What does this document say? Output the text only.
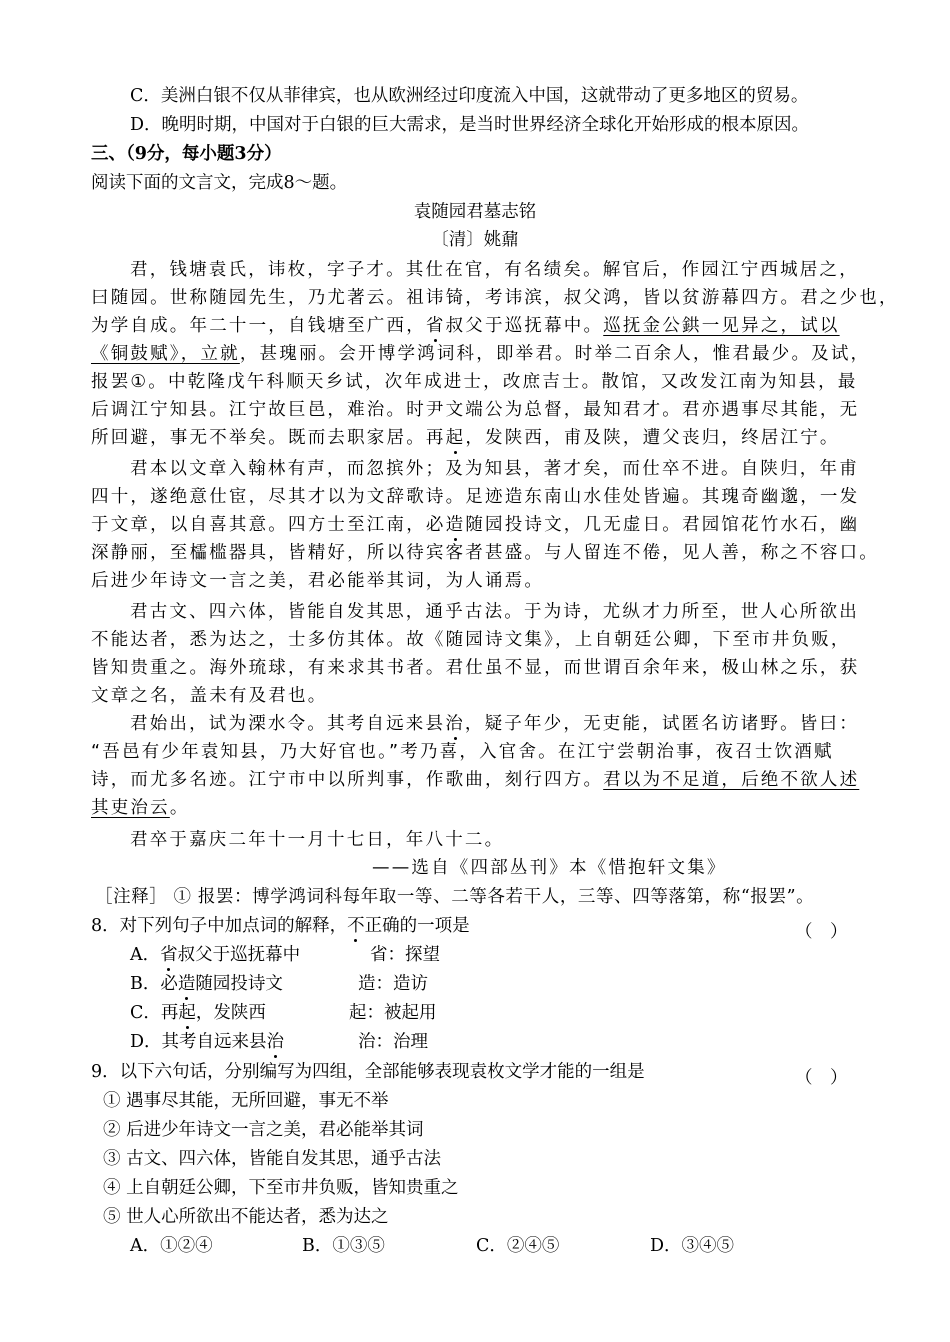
C．美洲白银不仅从菲律宾，也从欧洲经过印度流入中国，这就带动了更多地区的贸易。
D．晚明时期，中国对于白银的巨大需求，是当时世界经济全球化开始形成的根本原因。
三、（9分，每小题3分）
阅读下面的文言文，完成8～题。
袁随园君墓志铭
〔清〕姚鼐
君，钱塘袁氏，讳枚，字子才。其仕在官，有名绩矣。解官后，作园江宁西城居之，
曰随园。世称随园先生，乃尤著云。祖讳锜，考讳滨，叔父鸿，皆以贫游幕四方。君之少也，
为学自成。年二十一，自钱塘至广西，省叔父于巡抚幕中。巡抚金公鉷一见异之，试以
《铜鼓赋》，立就，甚瑰丽。会开博学鸿词科，即举君。时举二百余人，惟君最少。及试，
报罢①。中乾隆戊午科顺天乡试，次年成进士，改庶吉士。散馆，又改发江南为知县，最
后调江宁知县。江宁故巨邑，难治。时尹文端公为总督，最知君才。君亦遇事尽其能，无
所回避，事无不举矣。既而去职家居。再起，发陕西，甫及陕，遭父丧归，终居江宁。
君本以文章入翰林有声，而忽摈外；及为知县，著才矣，而仕卒不进。自陕归，年甫
四十，遂绝意仕宦，尽其才以为文辞歌诗。足迹造东南山水佳处皆遍。其瑰奇幽邈，一发
于文章，以自喜其意。四方士至江南，必造随园投诗文，几无虚日。君园馆花竹水石，幽
深静丽，至櫺槛器具，皆精好，所以待宾客者甚盛。与人留连不倦，见人善，称之不容口。
后进少年诗文一言之美，君必能举其词，为人诵焉。
君古文、四六体，皆能自发其思，通乎古法。于为诗，尤纵才力所至，世人心所欲出
不能达者，悉为达之，士多仿其体。故《随园诗文集》，上自朝廷公卿，下至市井负贩，
皆知贵重之。海外琉球，有来求其书者。君仕虽不显，而世谓百余年来，极山林之乐，获
文章之名，盖未有及君也。
君始出，试为溧水令。其考自远来县治，疑子年少，无吏能，试匿名访诸野。皆曰：
“吾邑有少年袁知县，乃大好官也。”考乃喜，入官舍。在江宁尝朝治事，夜召士饮酒赋
诗，而尤多名迹。江宁市中以所判事，作歌曲，刻行四方。君以为不足道，后绝不欲人述
其吏治云。
君卒于嘉庆二年十一月十七日，年八十二。
——选自《四部丛刊》本《惜抱轩文集》
［注释］ ① 报罢：博学鸿词科每年取一等、二等各若干人，三等、四等落第，称“报罢”。
8．对下列句子中加点词的解释，不正确的一项是	（　）
A．省叔父于巡抚幕中	省：探望
B．必造随园投诗文	造：造访
C．再起，发陕西	起：被起用
D．其考自远来县治	治：治理
9．以下六句话，分别编写为四组，全部能够表现袁枚文学才能的一组是	（　）
① 遇事尽其能，无所回避，事无不举
② 后进少年诗文一言之美，君必能举其词
③ 古文、四六体，皆能自发其思，通乎古法
④ 上自朝廷公卿，下至市井负贩，皆知贵重之
⑤ 世人心所欲出不能达者，悉为达之
A．①②④	B．①③⑤	C．②④⑤	D．③④⑤
